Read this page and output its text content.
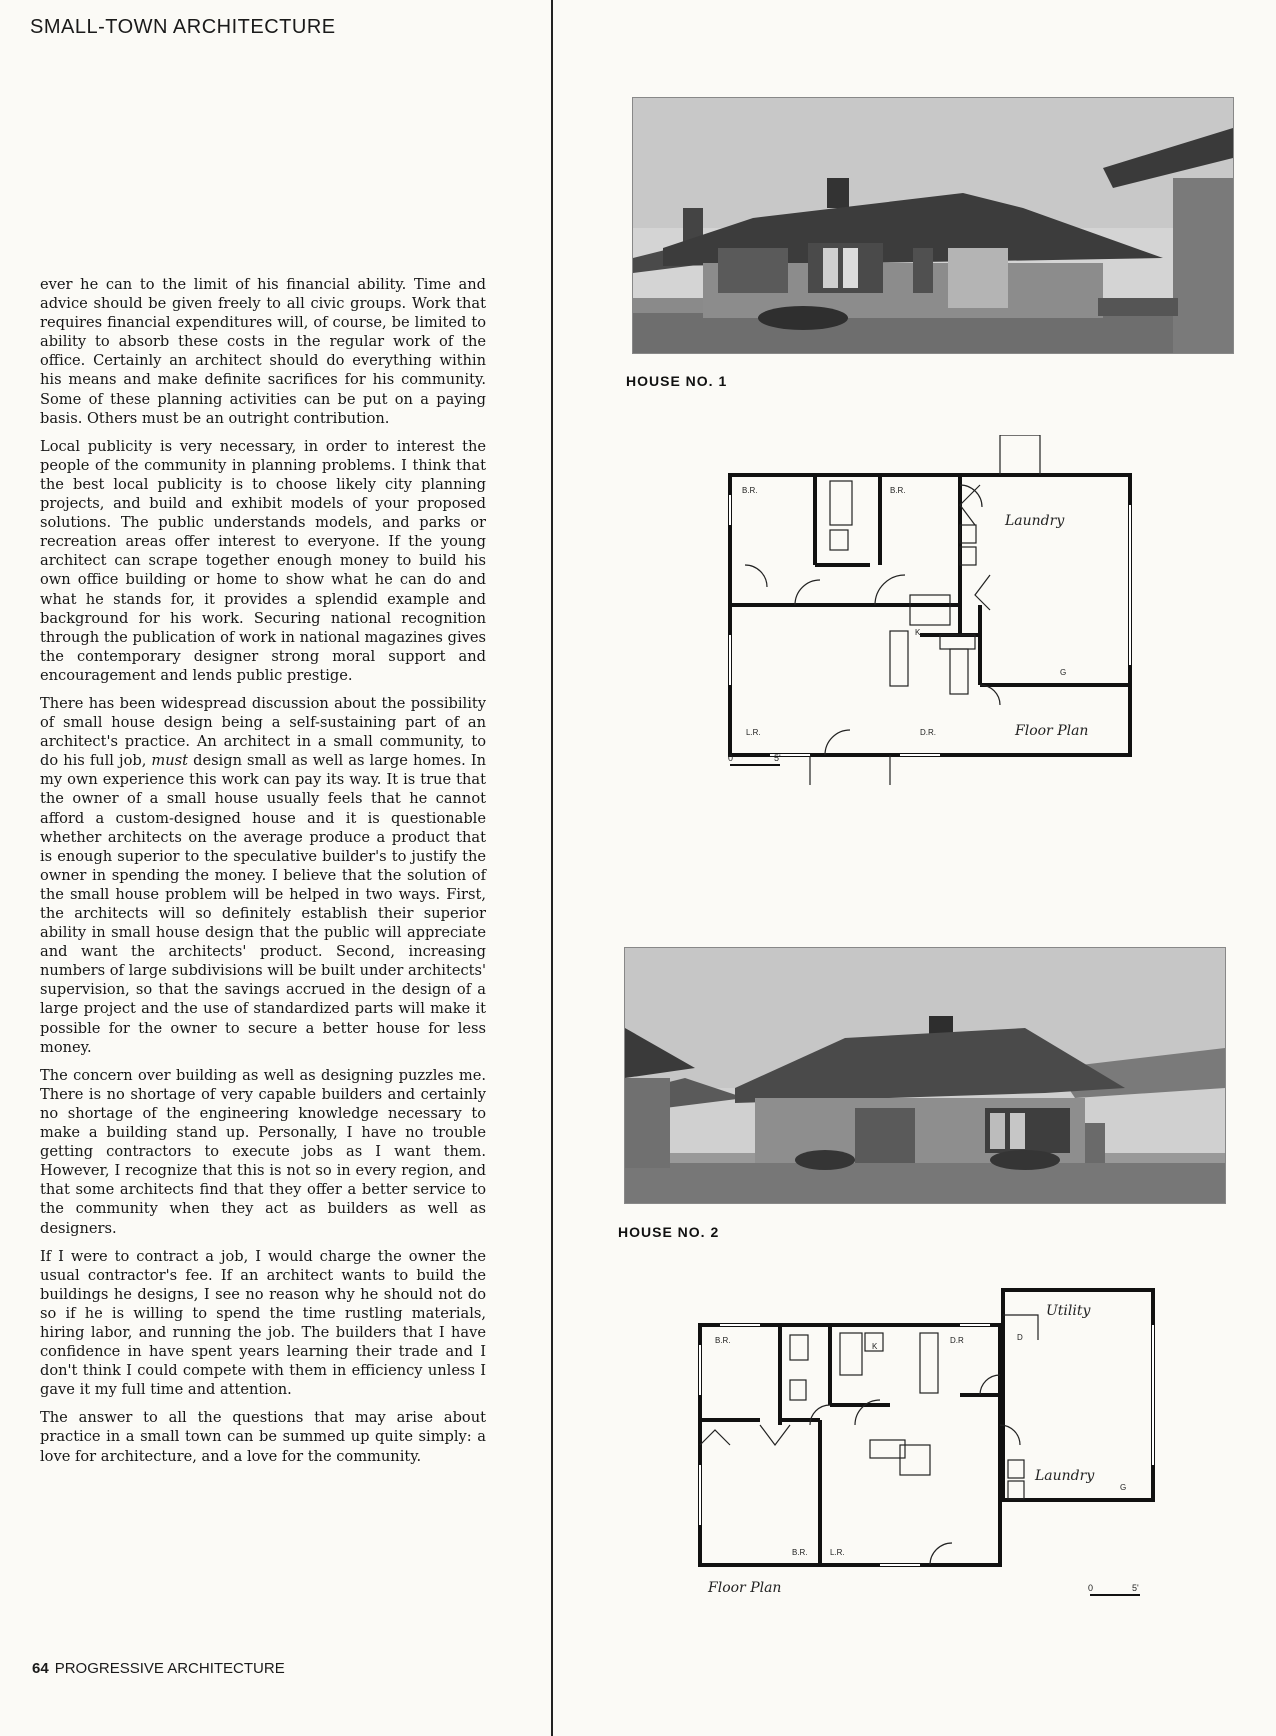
SMALL-TOWN ARCHITECTURE

ever he can to the limit of his financial ability. Time and advice should be given freely to all civic groups. Work that requires financial expenditures will, of course, be limited to ability to absorb these costs in the regular work of the office. Certainly an architect should do everything within his means and make definite sacrifices for his community. Some of these planning activities can be put on a paying basis. Others must be an outright contribution.

Local publicity is very necessary, in order to interest the people of the community in planning problems. I think that the best local publicity is to choose likely city planning projects, and build and exhibit models of your proposed solutions. The public understands models, and parks or recreation areas offer interest to everyone. If the young architect can scrape together enough money to build his own office building or home to show what he can do and what he stands for, it provides a splendid example and background for his work. Securing national recognition through the publication of work in national magazines gives the contemporary designer strong moral support and encouragement and lends public prestige.

There has been widespread discussion about the possibility of small house design being a self-sustaining part of an architect's practice. An architect in a small community, to do his full job, must design small as well as large homes. In my own experience this work can pay its way. It is true that the owner of a small house usually feels that he cannot afford a custom-designed house and it is questionable whether architects on the average produce a product that is enough superior to the speculative builder's to justify the owner in spending the money. I believe that the solution of the small house problem will be helped in two ways. First, the architects will so definitely establish their superior ability in small house design that the public will appreciate and want the architects' product. Second, increasing numbers of large subdivisions will be built under architects' supervision, so that the savings accrued in the design of a large project and the use of standardized parts will make it possible for the owner to secure a better house for less money.

The concern over building as well as designing puzzles me. There is no shortage of very capable builders and certainly no shortage of the engineering knowledge necessary to make a building stand up. Personally, I have no trouble getting contractors to execute jobs as I want them. However, I recognize that this is not so in every region, and that some architects find that they offer a better service to the community when they act as builders as well as designers.

If I were to contract a job, I would charge the owner the usual contractor's fee. If an architect wants to build the buildings he designs, I see no reason why he should not do so if he is willing to spend the time rustling materials, hiring labor, and running the job. The builders that I have confidence in have spent years learning their trade and I don't think I could compete with them in efficiency unless I gave it my full time and attention.

The answer to all the questions that may arise about practice in a small town can be summed up quite simply: a love for architecture, and a love for the community.

64 PROGRESSIVE ARCHITECTURE
HOUSE NO. 1
B.R.	B.R.
Laundry
K
L.R.	D.R.
G
Floor Plan
0	5'
HOUSE NO. 2
B.R.
K
D.R
Utility
D
Laundry
G
B.R.	L.R.
Floor Plan	0	5'
